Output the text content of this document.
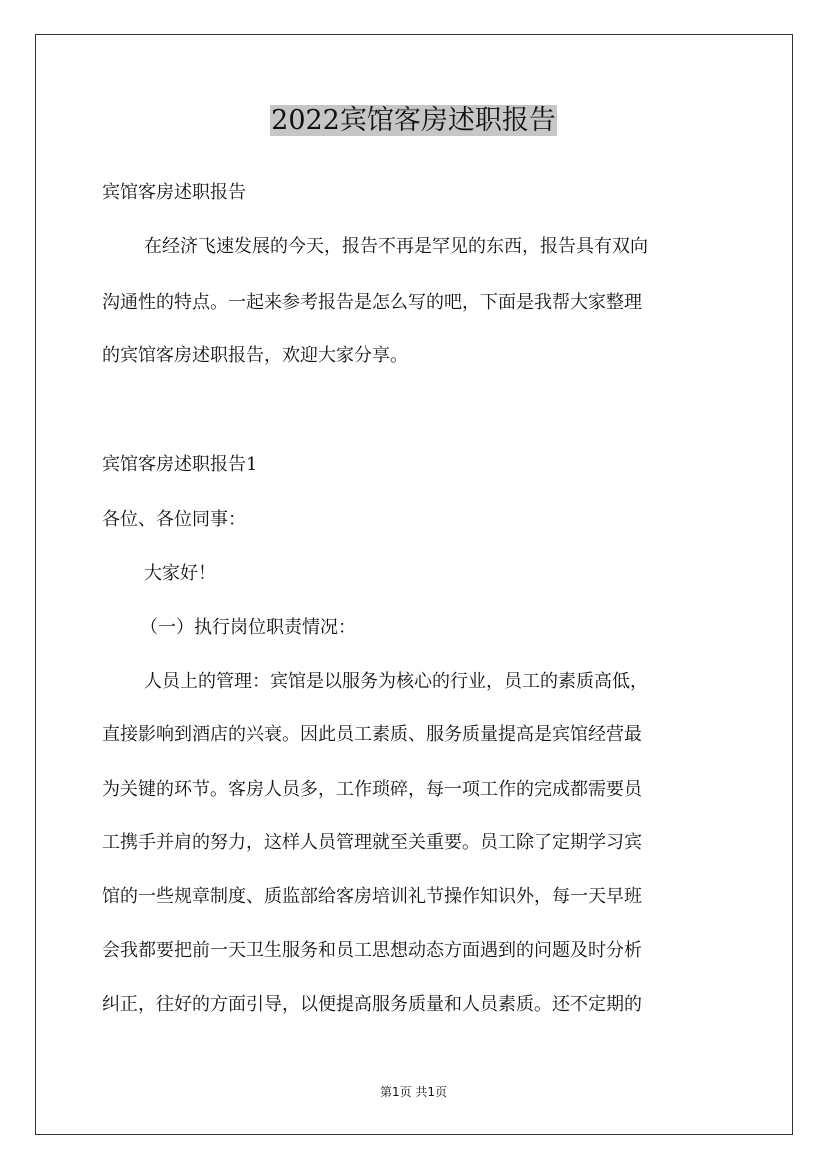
2022宾馆客房述职报告

宾馆客房述职报告

在经济飞速发展的今天，报告不再是罕见的东西，报告具有双向

沟通性的特点。一起来参考报告是怎么写的吧，下面是我帮大家整理

的宾馆客房述职报告，欢迎大家分享。

宾馆客房述职报告1

各位、各位同事：

大家好！

（一）执行岗位职责情况：

人员上的管理：宾馆是以服务为核心的行业，员工的素质高低，

直接影响到酒店的兴衰。因此员工素质、服务质量提高是宾馆经营最

为关键的环节。客房人员多，工作琐碎，每一项工作的完成都需要员

工携手并肩的努力，这样人员管理就至关重要。员工除了定期学习宾

馆的一些规章制度、质监部给客房培训礼节操作知识外，每一天早班

会我都要把前一天卫生服务和员工思想动态方面遇到的问题及时分析

纠正，往好的方面引导，以便提高服务质量和人员素质。还不定期的

第1页 共1页
